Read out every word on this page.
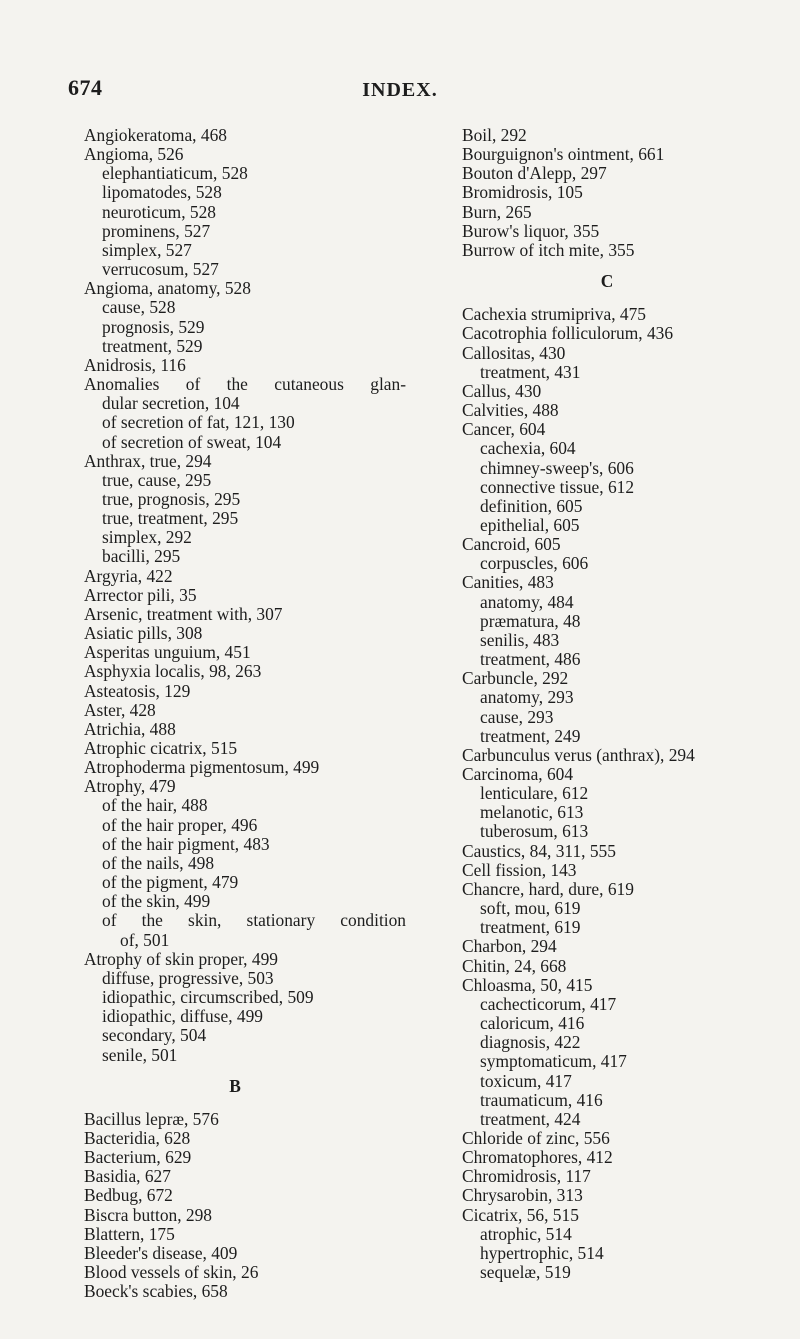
674	INDEX.
Angiokeratoma, 468
Angioma, 526
elephantiaticum, 528
lipomatodes, 528
neuroticum, 528
prominens, 527
simplex, 527
verrucosum, 527
Angioma, anatomy, 528
cause, 528
prognosis, 529
treatment, 529
Anidrosis, 116
Anomalies of the cutaneous glan-
dular secretion, 104
of secretion of fat, 121, 130
of secretion of sweat, 104
Anthrax, true, 294
true, cause, 295
true, prognosis, 295
true, treatment, 295
simplex, 292
bacilli, 295
Argyria, 422
Arrector pili, 35
Arsenic, treatment with, 307
Asiatic pills, 308
Asperitas unguium, 451
Asphyxia localis, 98, 263
Asteatosis, 129
Aster, 428
Atrichia, 488
Atrophic cicatrix, 515
Atrophoderma pigmentosum, 499
Atrophy, 479
of the hair, 488
of the hair proper, 496
of the hair pigment, 483
of the nails, 498
of the pigment, 479
of the skin, 499
of the skin, stationary condition
of, 501
Atrophy of skin proper, 499
diffuse, progressive, 503
idiopathic, circumscribed, 509
idiopathic, diffuse, 499
secondary, 504
senile, 501
B
Bacillus lepræ, 576
Bacteridia, 628
Bacterium, 629
Basidia, 627
Bedbug, 672
Biscra button, 298
Blattern, 175
Bleeder's disease, 409
Blood vessels of skin, 26
Boeck's scabies, 658
Boil, 292
Bourguignon's ointment, 661
Bouton d'Alepp, 297
Bromidrosis, 105
Burn, 265
Burow's liquor, 355
Burrow of itch mite, 355
C
Cachexia strumipriva, 475
Cacotrophia folliculorum, 436
Callositas, 430
treatment, 431
Callus, 430
Calvities, 488
Cancer, 604
cachexia, 604
chimney-sweep's, 606
connective tissue, 612
definition, 605
epithelial, 605
Cancroid, 605
corpuscles, 606
Canities, 483
anatomy, 484
præmatura, 48
senilis, 483
treatment, 486
Carbuncle, 292
anatomy, 293
cause, 293
treatment, 249
Carbunculus verus (anthrax), 294
Carcinoma, 604
lenticulare, 612
melanotic, 613
tuberosum, 613
Caustics, 84, 311, 555
Cell fission, 143
Chancre, hard, dure, 619
soft, mou, 619
treatment, 619
Charbon, 294
Chitin, 24, 668
Chloasma, 50, 415
cachecticorum, 417
caloricum, 416
diagnosis, 422
symptomaticum, 417
toxicum, 417
traumaticum, 416
treatment, 424
Chloride of zinc, 556
Chromatophores, 412
Chromidrosis, 117
Chrysarobin, 313
Cicatrix, 56, 515
atrophic, 514
hypertrophic, 514
sequelæ, 519
